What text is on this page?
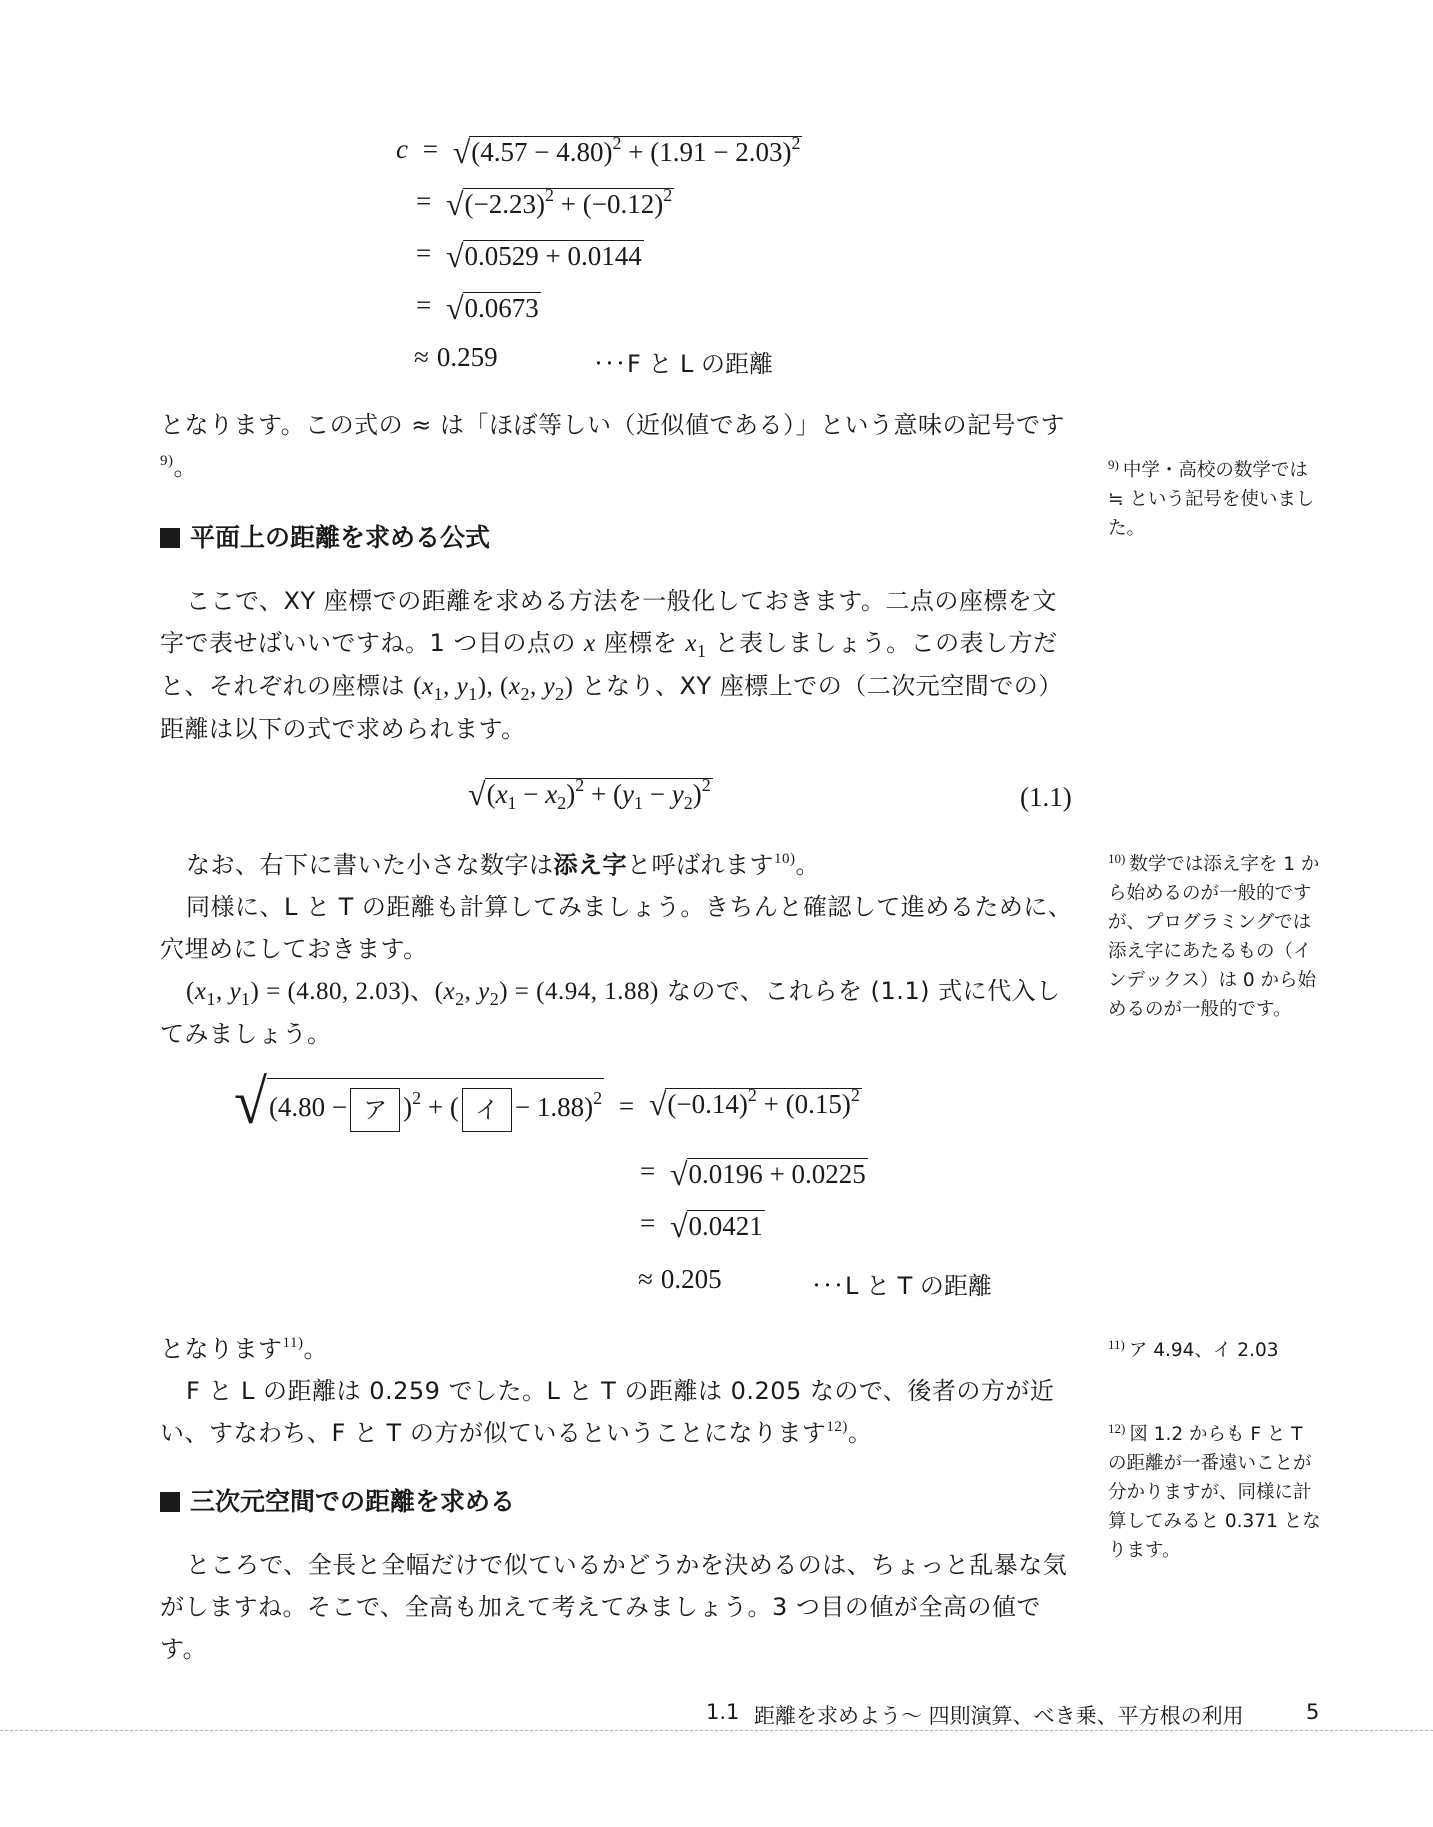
c = √ $(4.57 - 4.80)^2 + (1.91 - 2.03)^2$
= √ $(-2.23)^2 + (-0.12)^2$
= √ 0.0529 + 0.0144
= √ 0.0673
≈ 0.259	···F と L の距離

となります。この式の ≈ は「ほぼ等しい（近似値である）」という意味の記号です$^{9)}$。	$^{9)}$ 中学・高校の数学では ≒ という記号を使いました。

平面上の距離を求める公式

ここで、XY 座標での距離を求める方法を一般化しておきます。二点の座標を文字で表せばいいですね。1 つ目の点の x 座標を $x_1$ と表しましょう。この表し方だと、それぞれの座標は ($x_1$, $y_1$), ($x_2$, $y_2$) となり、XY 座標上での（二次元空間での）距離は以下の式で求められます。

√ $(x_1 - x_2)^2 + (y_1 - y_2)^2$	(1.1)

なお、右下に書いた小さな数字は添え字と呼ばれます$^{10)}$。	$^{10)}$ 数学では添え字を 1 から始めるのが一般的ですが、プログラミングでは添え字にあたるもの（インデックス）は 0 から始めるのが一般的です。

同様に、L と T の距離も計算してみましょう。きちんと確認して進めるために、穴埋めにしておきます。

($x_1$, $y_1) = (4.80$, 2.03)、($x_2$, $y_2) = (4.94$, 1.88) なので、これらを (1.1) 式に代入してみましょう。

√ (4.80 − ア )$^2$ + ( イ − 1.88)$^2$ = √ $(-0.14)^2 + (0.15)^2$
= √ 0.0196 + 0.0225
= √ 0.0421
≈ 0.205	···L と T の距離

となります$^{11)}$。	$^{11)}$ ア 4.94、イ 2.03

F と L の距離は 0.259 でした。L と T の距離は 0.205 なので、後者の方が近い、すなわち、F と T の方が似ているということになります$^{12)}$。	$^{12)}$ 図 1.2 からも F と T の距離が一番遠いことが分かりますが、同様に計算してみると 0.371 となります。

三次元空間での距離を求める

ところで、全長と全幅だけで似ているかどうかを決めるのは、ちょっと乱暴な気がしますね。そこで、全高も加えて考えてみましょう。3 つ目の値が全高の値です。

1.1 距離を求めよう～ 四則演算、べき乗、平方根の利用	5
